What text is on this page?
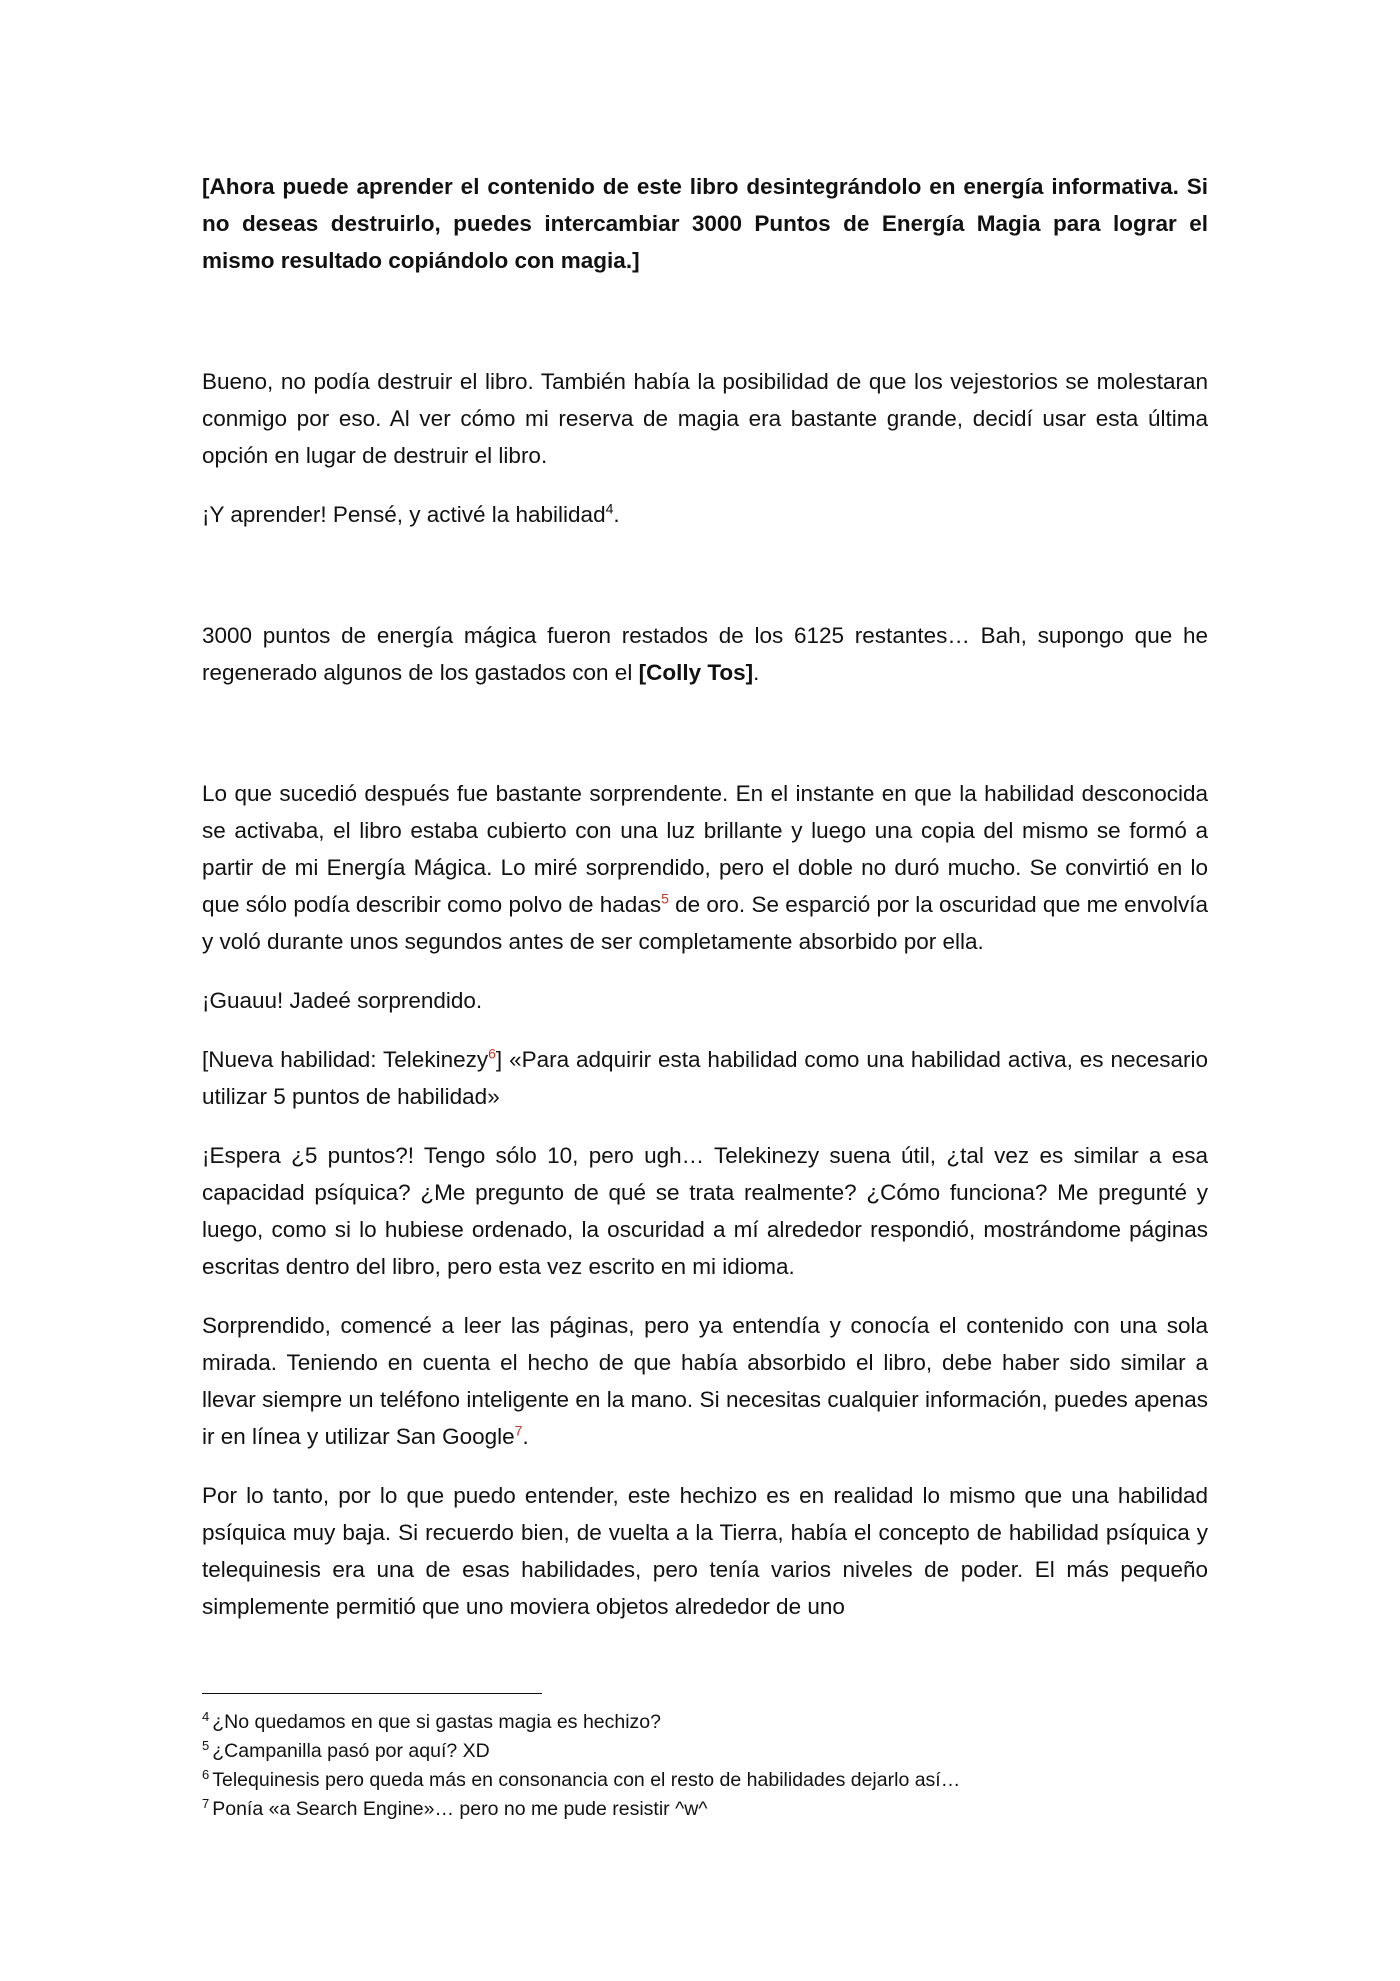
[Ahora puede aprender el contenido de este libro desintegrándolo en energía informativa. Si no deseas destruirlo, puedes intercambiar 3000 Puntos de Energía Magia para lograr el mismo resultado copiándolo con magia.]

Bueno, no podía destruir el libro. También había la posibilidad de que los vejestorios se molestaran conmigo por eso. Al ver cómo mi reserva de magia era bastante grande, decidí usar esta última opción en lugar de destruir el libro.

¡Y aprender! Pensé, y activé la habilidad$^4$.

3000 puntos de energía mágica fueron restados de los 6125 restantes… Bah, supongo que he regenerado algunos de los gastados con el [Colly Tos].

Lo que sucedió después fue bastante sorprendente. En el instante en que la habilidad desconocida se activaba, el libro estaba cubierto con una luz brillante y luego una copia del mismo se formó a partir de mi Energía Mágica. Lo miré sorprendido, pero el doble no duró mucho. Se convirtió en lo que sólo podía describir como polvo de hadas$^5$ de oro. Se esparció por la oscuridad que me envolvía y voló durante unos segundos antes de ser completamente absorbido por ella.

¡Guauu! Jadeé sorprendido.

[Nueva habilidad: Telekinezy$^6$] «Para adquirir esta habilidad como una habilidad activa, es necesario utilizar 5 puntos de habilidad»

¡Espera ¿5 puntos?! Tengo sólo 10, pero ugh… Telekinezy suena útil, ¿tal vez es similar a esa capacidad psíquica? ¿Me pregunto de qué se trata realmente? ¿Cómo funciona? Me pregunté y luego, como si lo hubiese ordenado, la oscuridad a mí alrededor respondió, mostrándome páginas escritas dentro del libro, pero esta vez escrito en mi idioma.

Sorprendido, comencé a leer las páginas, pero ya entendía y conocía el contenido con una sola mirada. Teniendo en cuenta el hecho de que había absorbido el libro, debe haber sido similar a llevar siempre un teléfono inteligente en la mano. Si necesitas cualquier información, puedes apenas ir en línea y utilizar San Google$^7$.

Por lo tanto, por lo que puedo entender, este hechizo es en realidad lo mismo que una habilidad psíquica muy baja. Si recuerdo bien, de vuelta a la Tierra, había el concepto de habilidad psíquica y telequinesis era una de esas habilidades, pero tenía varios niveles de poder. El más pequeño simplemente permitió que uno moviera objetos alrededor de uno

$^4$ ¿No quedamos en que si gastas magia es hechizo?

$^5$ ¿Campanilla pasó por aquí? XD

$^6$ Telequinesis pero queda más en consonancia con el resto de habilidades dejarlo así…

$^7$ Ponía «a Search Engine»… pero no me pude resistir ^w^
